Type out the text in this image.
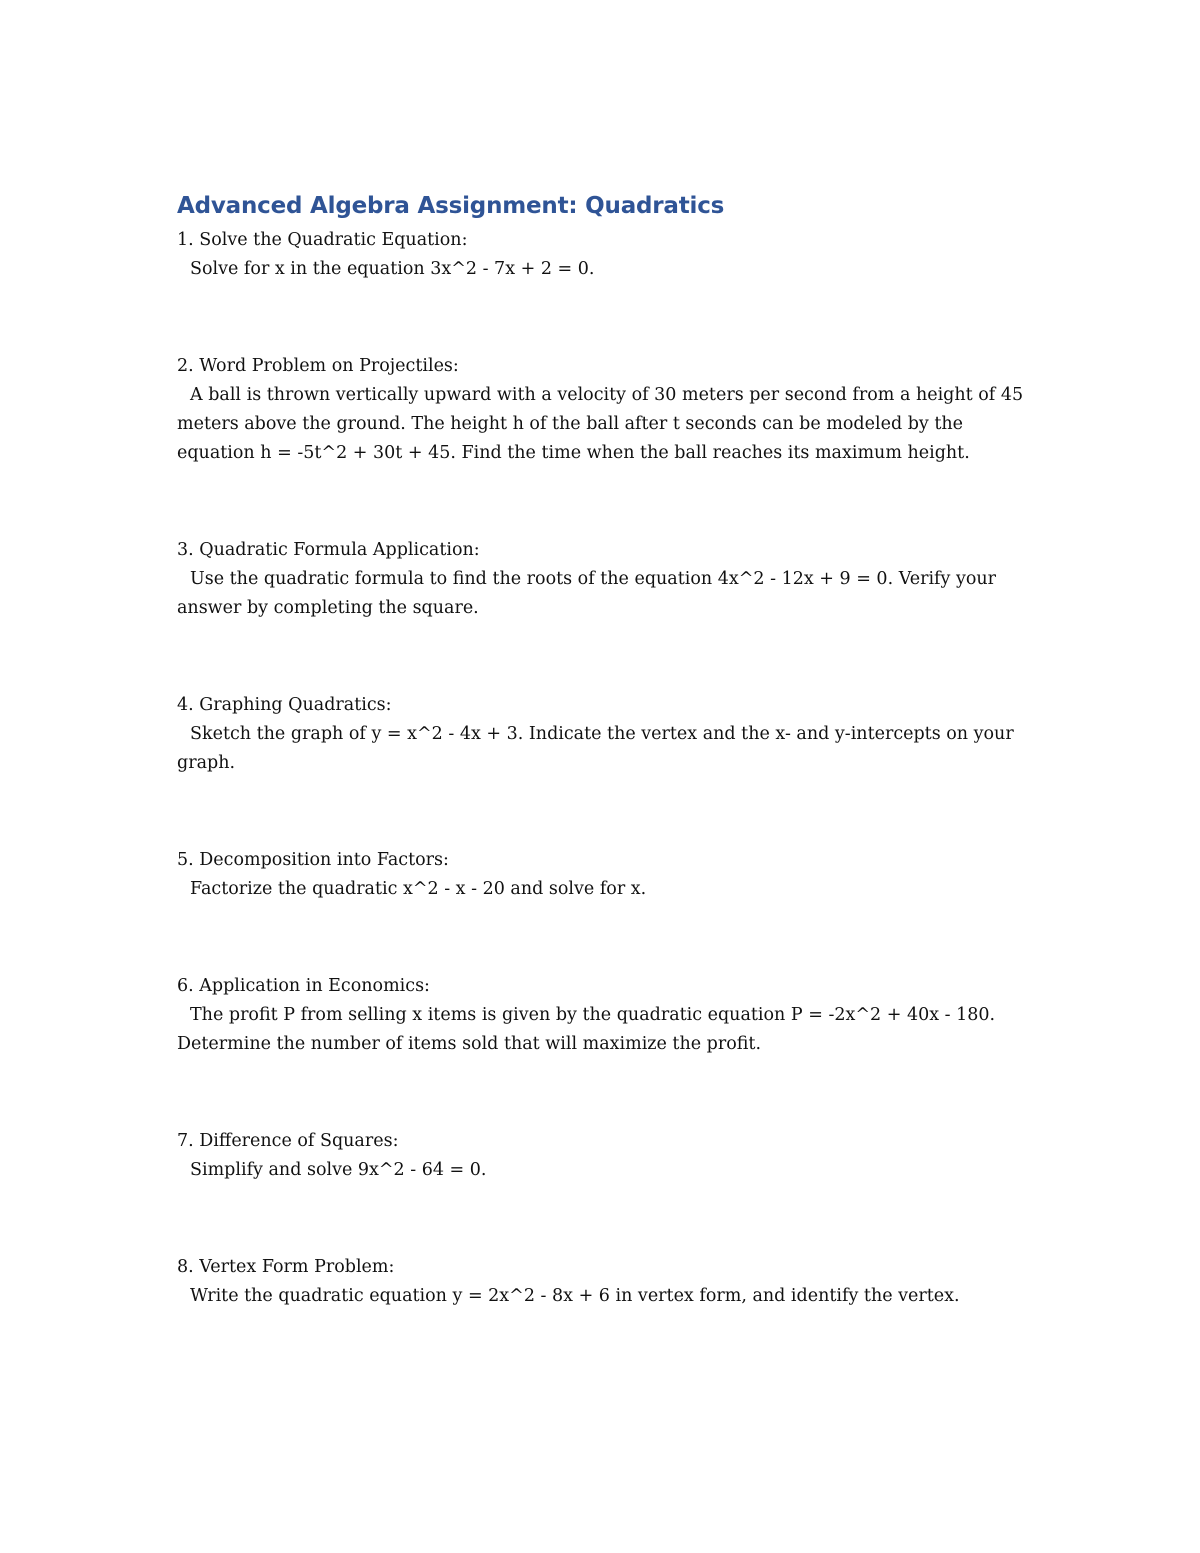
Advanced Algebra Assignment: Quadratics

1. Solve the Quadratic Equation:

Solve for x in the equation 3x^2 - 7x + 2 = 0.

2. Word Problem on Projectiles:

A ball is thrown vertically upward with a velocity of 30 meters per second from a height of 45 meters above the ground. The height h of the ball after t seconds can be modeled by the equation h = -5t^2 + 30t + 45. Find the time when the ball reaches its maximum height.

3. Quadratic Formula Application:

Use the quadratic formula to find the roots of the equation 4x^2 - 12x + 9 = 0. Verify your answer by completing the square.

4. Graphing Quadratics:

Sketch the graph of y = x^2 - 4x + 3. Indicate the vertex and the x- and y-intercepts on your graph.

5. Decomposition into Factors:

Factorize the quadratic x^2 - x - 20 and solve for x.

6. Application in Economics:

The profit P from selling x items is given by the quadratic equation P = -2x^2 + 40x - 180. Determine the number of items sold that will maximize the profit.

7. Difference of Squares:

Simplify and solve 9x^2 - 64 = 0.

8. Vertex Form Problem:

Write the quadratic equation y = 2x^2 - 8x + 6 in vertex form, and identify the vertex.
